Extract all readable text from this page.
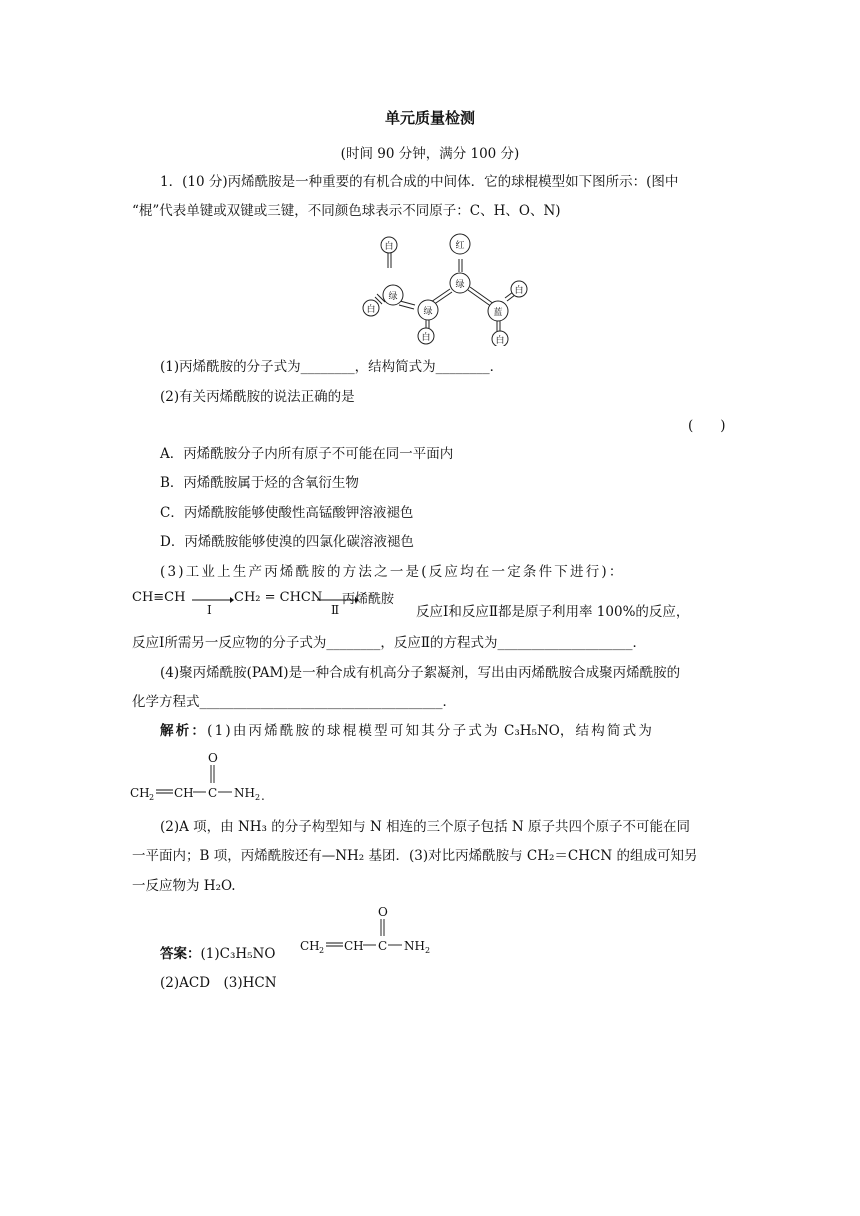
单元质量检测
(时间 90 分钟，满分 100 分)
1．(10 分)丙烯酰胺是一种重要的有机合成的中间体．它的球棍模型如下图所示：(图中
“棍”代表单键或双键或三键，不同颜色球表示不同原子：C、H、O、N)
白
白
绿
绿
红
绿
白
白
蓝
白
(1)丙烯酰胺的分子式为________，结构简式为________．
(2)有关丙烯酰胺的说法正确的是
(　　)
A．丙烯酰胺分子内所有原子不可能在同一平面内
B．丙烯酰胺属于烃的含氧衍生物
C．丙烯酰胺能够使酸性高锰酸钾溶液褪色
D．丙烯酰胺能够使溴的四氯化碳溶液褪色
(3)工业上生产丙烯酰胺的方法之一是(反应均在一定条件下进行)：
CH≡CH
Ⅰ
CH₂ = CHCN
Ⅱ
丙烯酰胺
反应Ⅰ和反应Ⅱ都是原子利用率 100%的反应，
反应Ⅰ所需另一反应物的分子式为________，反应Ⅱ的方程式为____________________．
(4)聚丙烯酰胺(PAM)是一种合成有机高分子絮凝剂，写出由丙烯酰胺合成聚丙烯酰胺的
化学方程式____________________________________．
解析：(1)由丙烯酰胺的球棍模型可知其分子式为 C₃H₅NO，结构简式为
O
CH 2 CH C NH 2 .
(2)A 项，由 NH₃ 的分子构型知与 N 相连的三个原子包括 N 原子共四个原子不可能在同
一平面内；B 项，丙烯酰胺还有—NH₂ 基团．(3)对比丙烯酰胺与 CH₂＝CHCN 的组成可知另
一反应物为 H₂O.
答案：(1)C₃H₅NO
O
CH 2 CH C NH 2
(2)ACD　(3)HCN
